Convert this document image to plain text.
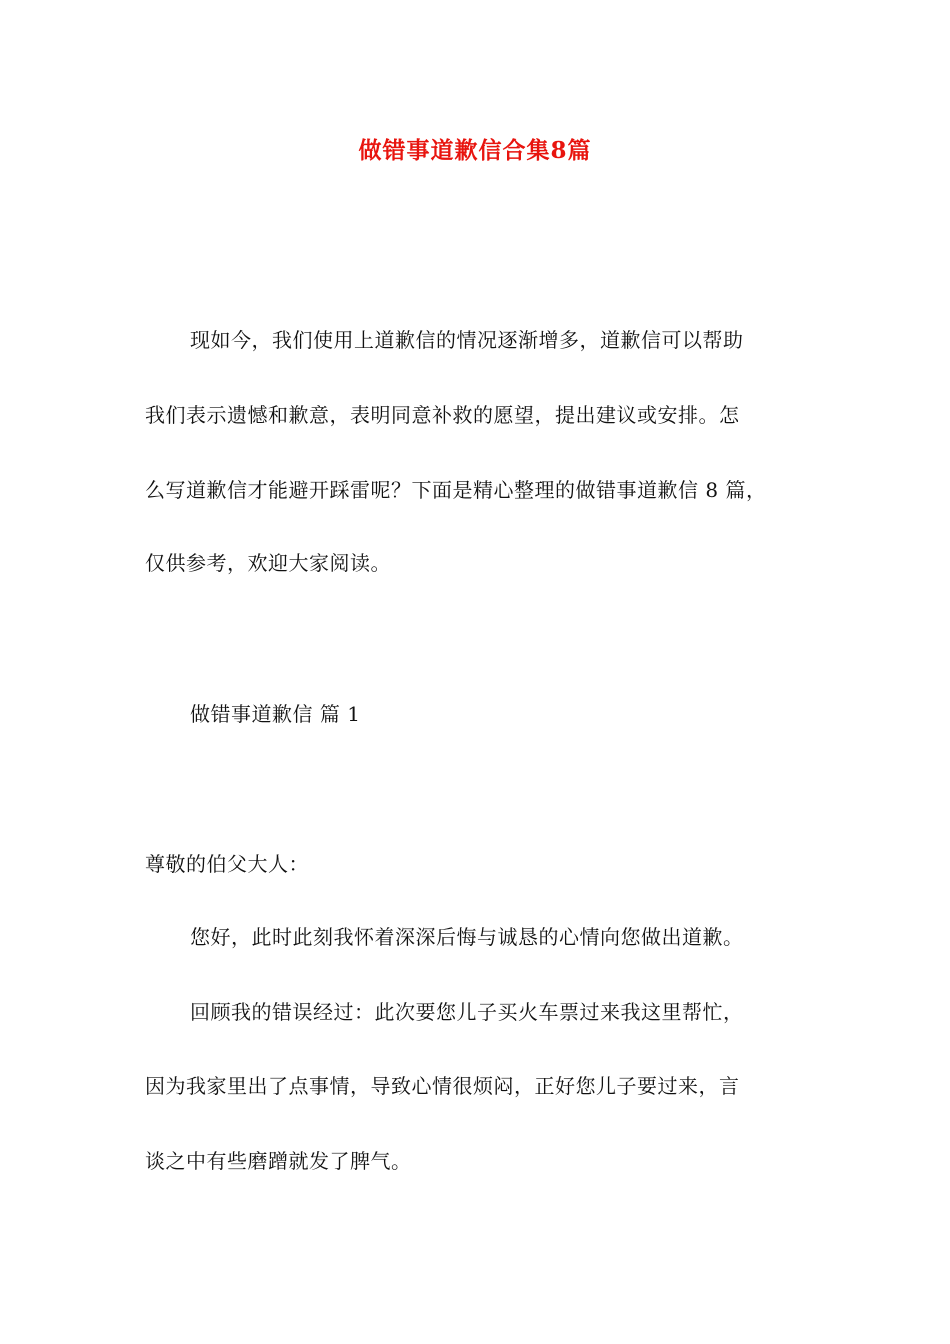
做错事道歉信合集8篇
现如今，我们使用上道歉信的情况逐渐增多，道歉信可以帮助
我们表示遗憾和歉意，表明同意补救的愿望，提出建议或安排。怎
么写道歉信才能避开踩雷呢？下面是精心整理的做错事道歉信 8 篇，
仅供参考，欢迎大家阅读。
做错事道歉信 篇 1
尊敬的伯父大人：
您好，此时此刻我怀着深深后悔与诚恳的心情向您做出道歉。
回顾我的错误经过：此次要您儿子买火车票过来我这里帮忙，
因为我家里出了点事情，导致心情很烦闷，正好您儿子要过来，言
谈之中有些磨蹭就发了脾气。
